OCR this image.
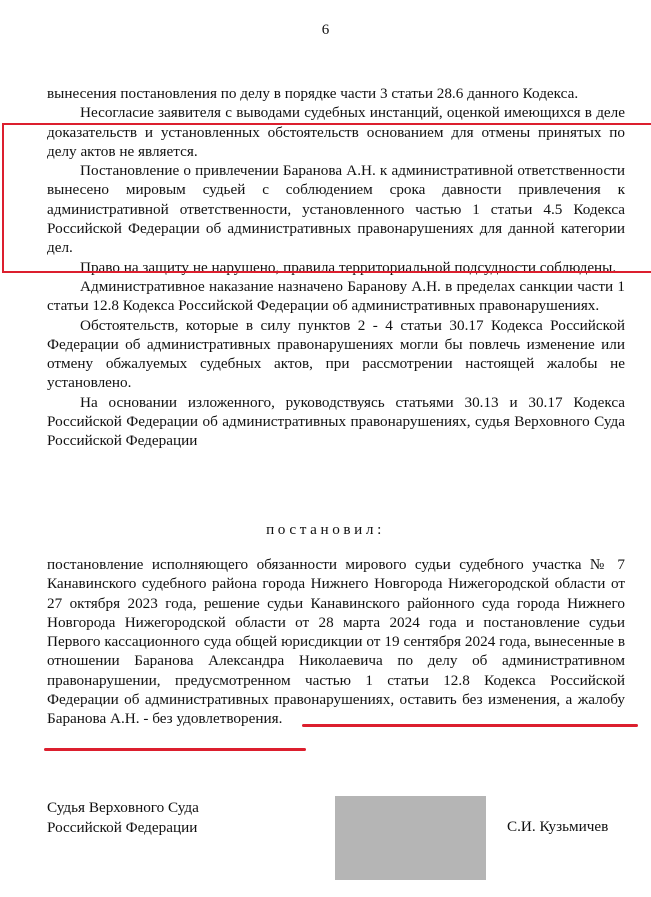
6

вынесения постановления по делу в порядке части 3 статьи 28.6 данного Кодекса.

Несогласие заявителя с выводами судебных инстанций, оценкой имеющихся в деле доказательств и установленных обстоятельств основанием для отмены принятых по делу актов не является.

Постановление о привлечении Баранова А.Н. к административной ответственности вынесено мировым судьей с соблюдением срока давности привлечения к административной ответственности, установленного частью 1 статьи 4.5 Кодекса Российской Федерации об административных правонарушениях для данной категории дел.

Право на защиту не нарушено, правила территориальной подсудности соблюдены.

Административное наказание назначено Баранову А.Н. в пределах санкции части 1 статьи 12.8 Кодекса Российской Федерации об административных правонарушениях.

Обстоятельств, которые в силу пунктов 2 - 4 статьи 30.17 Кодекса Российской Федерации об административных правонарушениях могли бы повлечь изменение или отмену обжалуемых судебных актов, при рассмотрении настоящей жалобы не установлено.

На основании изложенного, руководствуясь статьями 30.13 и 30.17 Кодекса Российской Федерации об административных правонарушениях, судья Верховного Суда Российской Федерации

постановил:

постановление исполняющего обязанности мирового судьи судебного участка № 7 Канавинского судебного района города Нижнего Новгорода Нижегородской области от 27 октября 2023 года, решение судьи Канавинского районного суда города Нижнего Новгорода Нижегородской области от 28 марта 2024 года и постановление судьи Первого кассационного суда общей юрисдикции от 19 сентября 2024 года, вынесенные в отношении Баранова Александра Николаевича по делу об административном правонарушении, предусмотренном частью 1 статьи 12.8 Кодекса Российской Федерации об административных правонарушениях, оставить без изменения, а жалобу Баранова А.Н. - без удовлетворения.

Судья Верховного Суда
Российской Федерации	С.И. Кузьмичев
